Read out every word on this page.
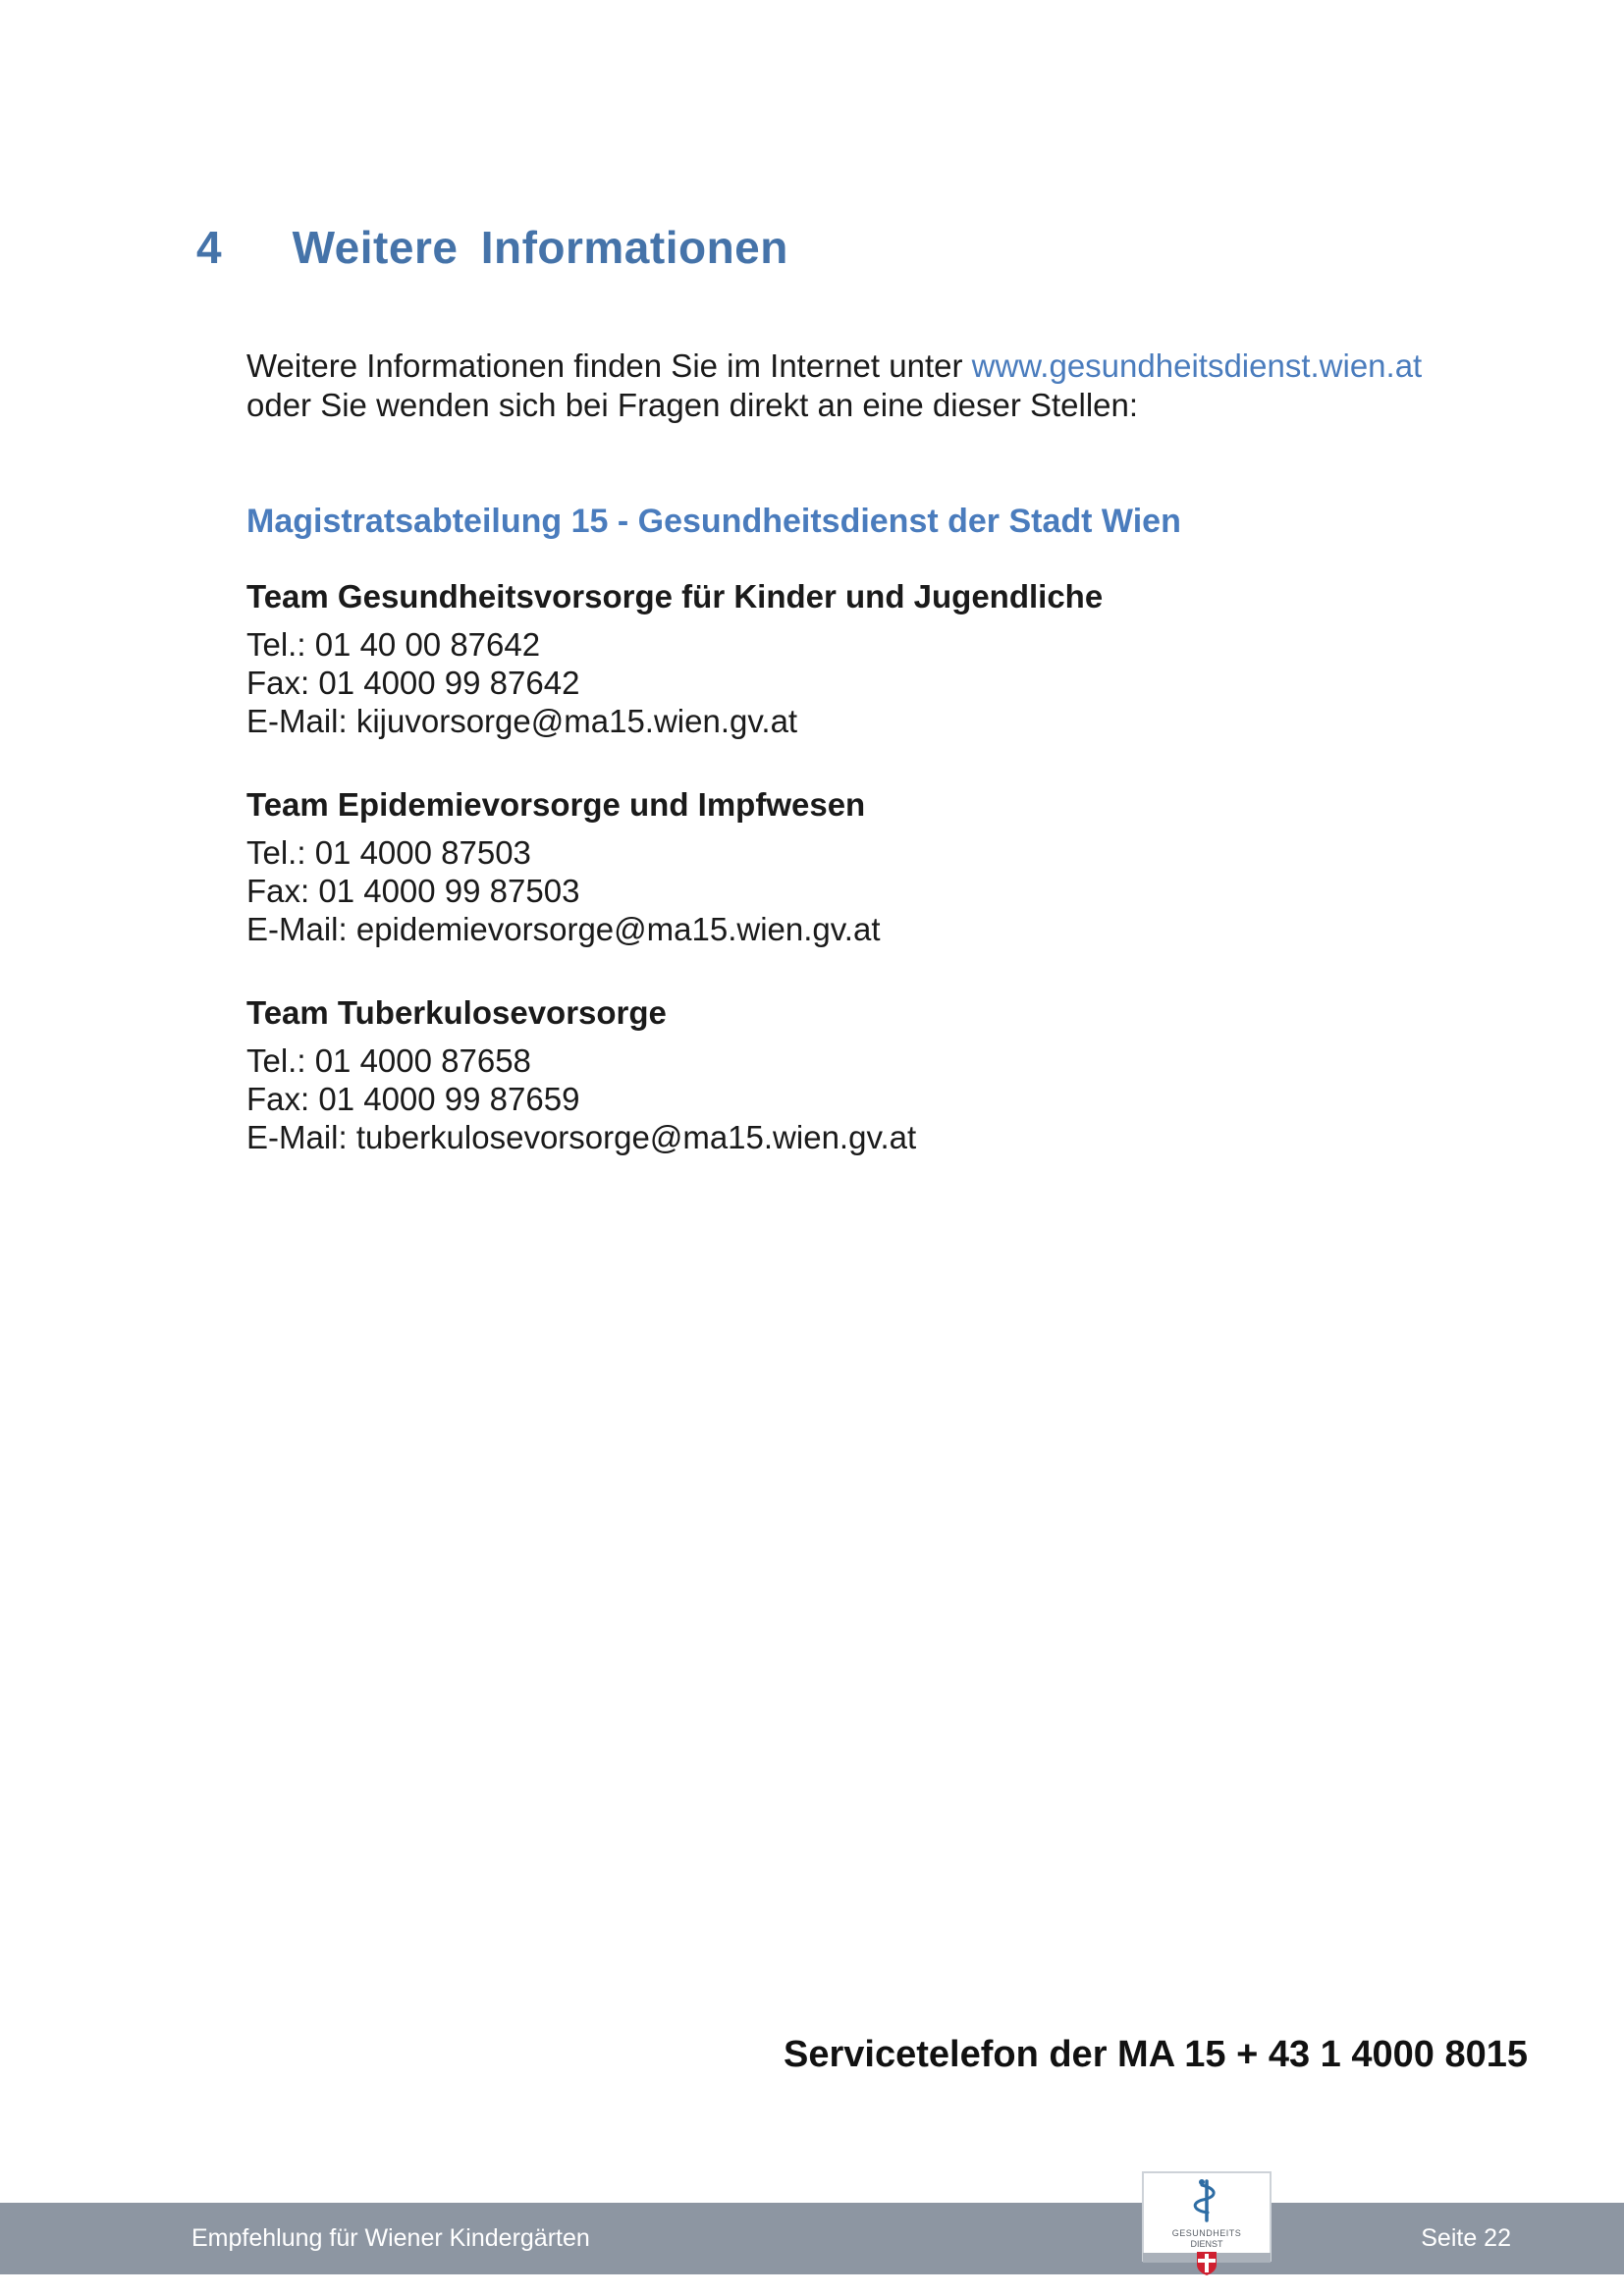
4 Weitere Informationen

Weitere Informationen finden Sie im Internet unter www.gesundheitsdienst.wien.at
oder Sie wenden sich bei Fragen direkt an eine dieser Stellen:

Magistratsabteilung 15 - Gesundheitsdienst der Stadt Wien
Team Gesundheitsvorsorge für Kinder und Jugendliche
Tel.: 01 40 00 87642
Fax: 01 4000 99 87642
E-Mail: kijuvorsorge@ma15.wien.gv.at
Team Epidemievorsorge und Impfwesen
Tel.: 01 4000 87503
Fax: 01 4000 99 87503
E-Mail: epidemievorsorge@ma15.wien.gv.at
Team Tuberkulosevorsorge
Tel.: 01 4000 87658
Fax: 01 4000 99 87659
E-Mail: tuberkulosevorsorge@ma15.wien.gv.at
Servicetelefon der MA 15 + 43 1 4000 8015
GESUNDHEITS
DIENST
Empfehlung für Wiener Kindergärten	Seite 22
